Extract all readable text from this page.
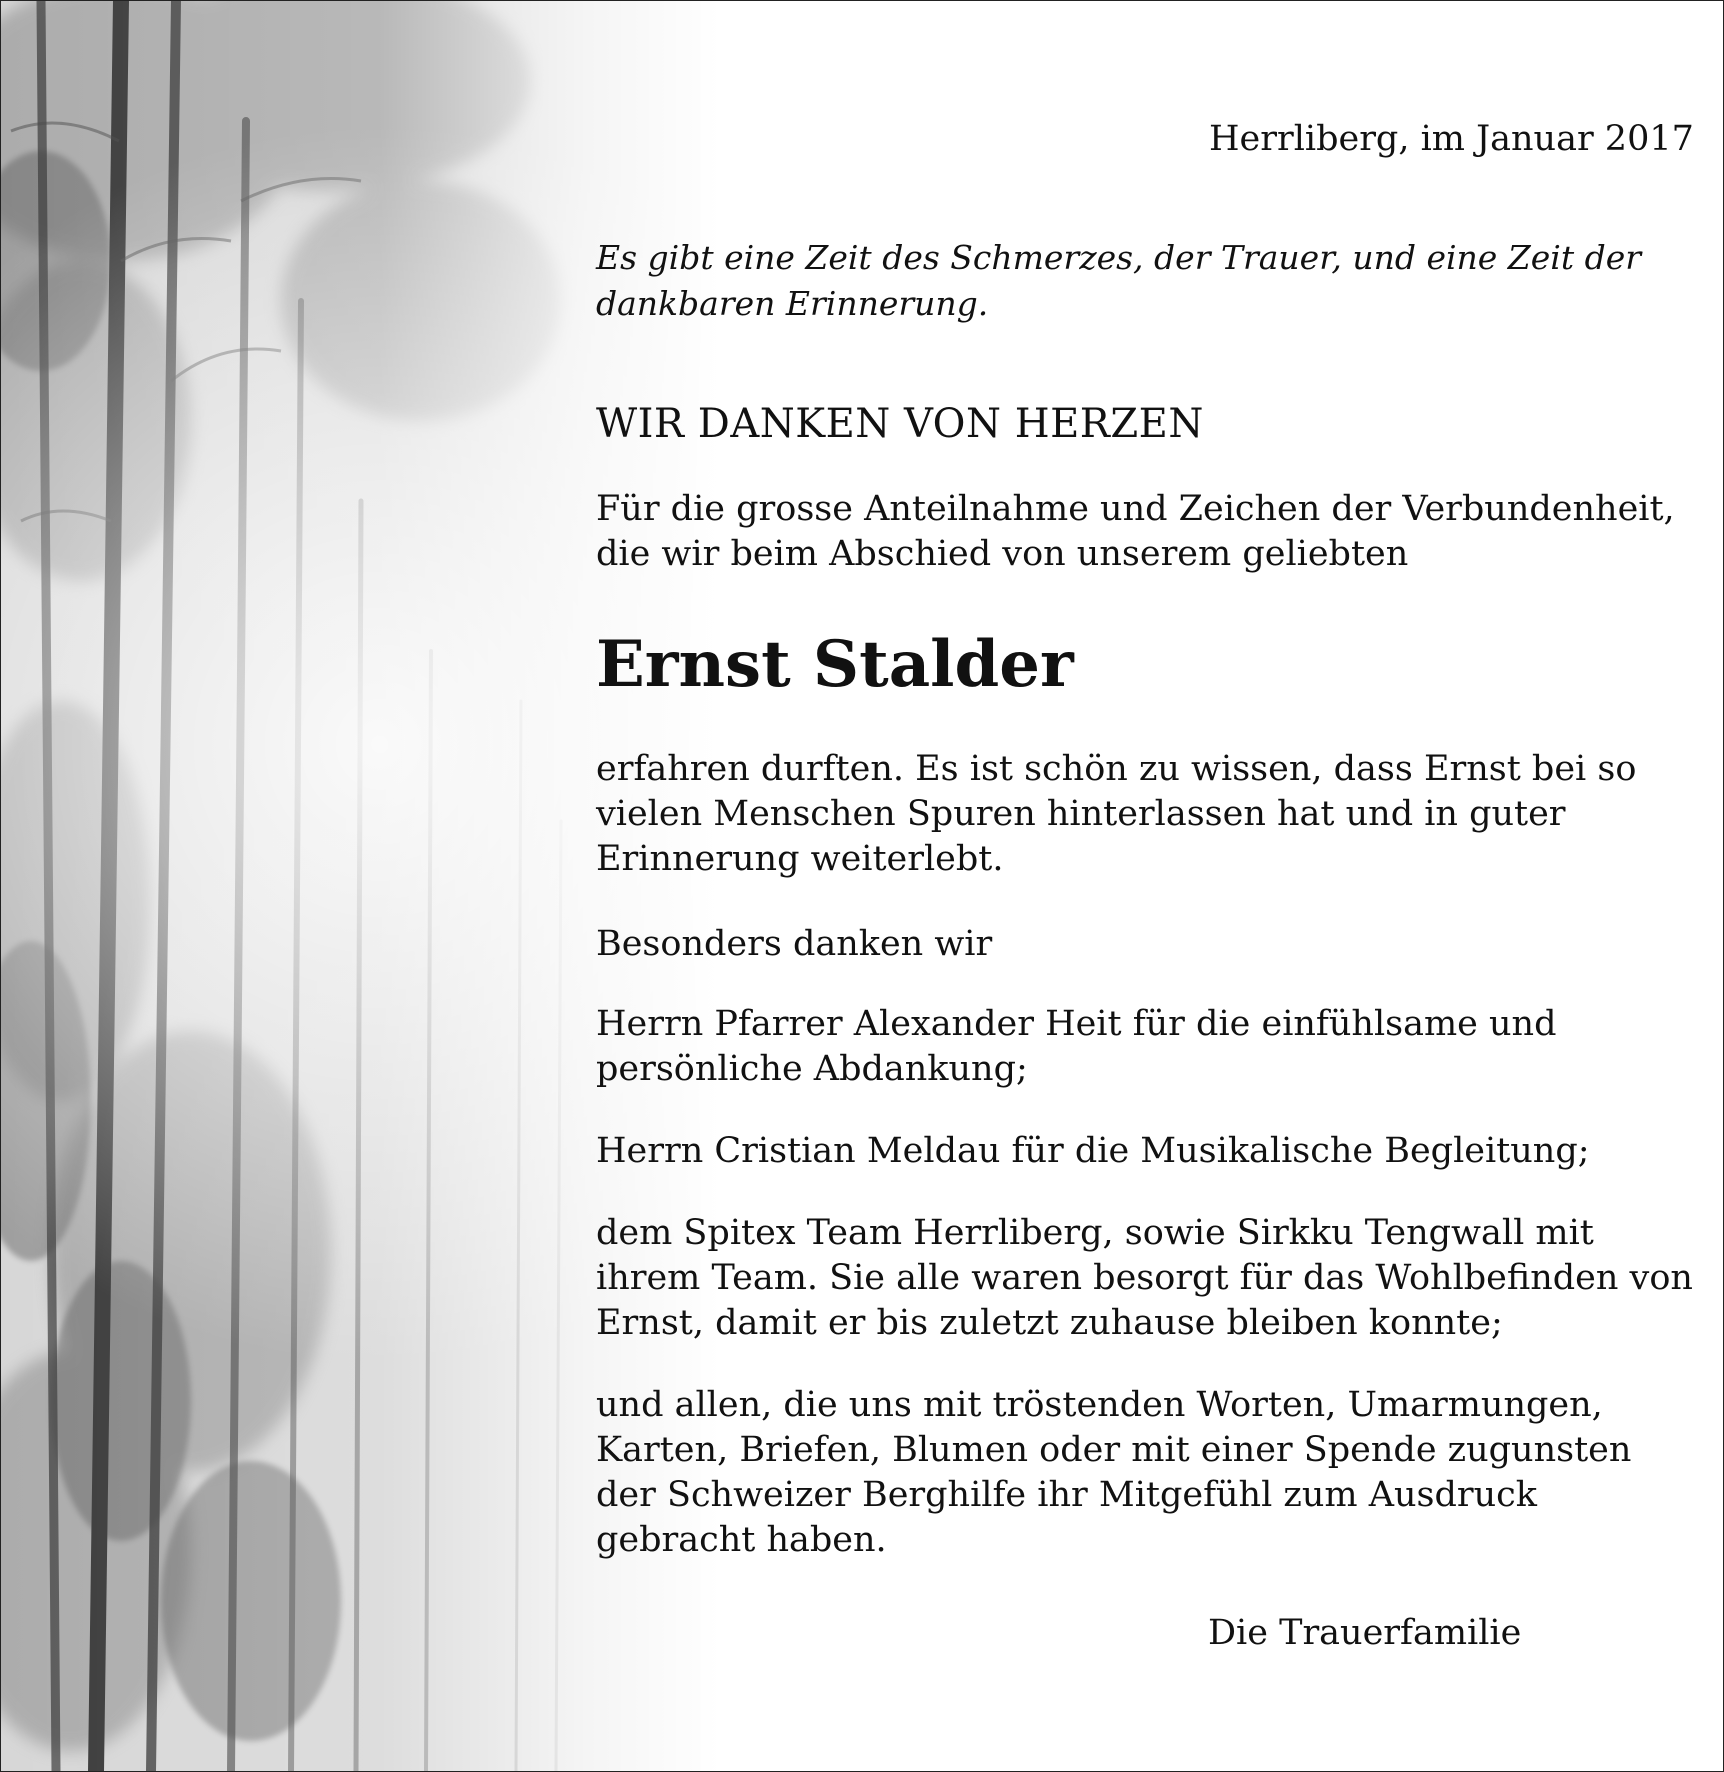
Herrliberg, im Januar 2017
Es gibt eine Zeit des Schmerzes, der Trauer, und eine Zeit der
dankbaren Erinnerung.
WIR DANKEN VON HERZEN
Für die grosse Anteilnahme und Zeichen der Verbundenheit,
die wir beim Abschied von unserem geliebten
Ernst Stalder
erfahren durften. Es ist schön zu wissen, dass Ernst bei so
vielen Menschen Spuren hinterlassen hat und in guter
Erinnerung weiterlebt.
Besonders danken wir
Herrn Pfarrer Alexander Heit für die einfühlsame und
persönliche Abdankung;
Herrn Cristian Meldau für die Musikalische Begleitung;
dem Spitex Team Herrliberg, sowie Sirkku Tengwall mit
ihrem Team. Sie alle waren besorgt für das Wohlbefinden von
Ernst, damit er bis zuletzt zuhause bleiben konnte;
und allen, die uns mit tröstenden Worten, Umarmungen,
Karten, Briefen, Blumen oder mit einer Spende zugunsten
der Schweizer Berghilfe ihr Mitgefühl zum Ausdruck
gebracht haben.
Die Trauerfamilie
